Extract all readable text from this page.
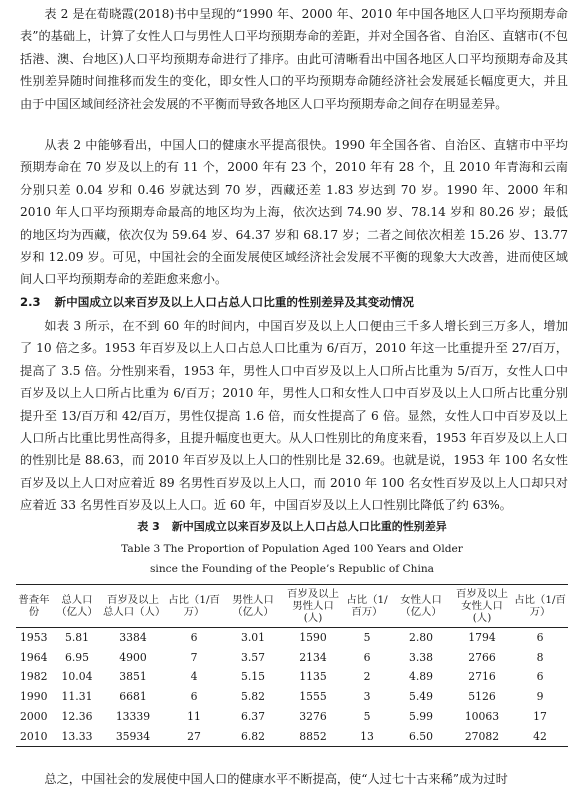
表 2 是在荀晓霞(2018)书中呈现的“1990 年、2000 年、2010 年中国各地区人口平均预期寿命表”的基础上，计算了女性人口与男性人口平均预期寿命的差距，并对全国各省、自治区、直辖市(不包括港、澳、台地区)人口平均预期寿命进行了排序。由此可清晰看出中国各地区人口平均预期寿命及其性别差异随时间推移而发生的变化，即女性人口的平均预期寿命随经济社会发展延长幅度更大，并且由于中国区域间经济社会发展的不平衡而导致各地区人口平均预期寿命之间存在明显差异。

从表 2 中能够看出，中国人口的健康水平提高很快。1990 年全国各省、自治区、直辖市中平均预期寿命在 70 岁及以上的有 11 个，2000 年有 23 个，2010 年有 28 个，且 2010 年青海和云南分别只差 0.04 岁和 0.46 岁就达到 70 岁，西藏还差 1.83 岁达到 70 岁。1990 年、2000 年和 2010 年人口平均预期寿命最高的地区均为上海，依次达到 74.90 岁、78.14 岁和 80.26 岁；最低的地区均为西藏，依次仅为 59.64 岁、64.37 岁和 68.17 岁；二者之间依次相差 15.26 岁、13.77 岁和 12.09 岁。可见，中国社会的全面发展使区域经济社会发展不平衡的现象大大改善，进而使区域间人口平均预期寿命的差距愈来愈小。

2.3 新中国成立以来百岁及以上人口占总人口比重的性别差异及其变动情况

如表 3 所示，在不到 60 年的时间内，中国百岁及以上人口便由三千多人增长到三万多人，增加了 10 倍之多。1953 年百岁及以上人口占总人口比重为 6/百万，2010 年这一比重提升至 27/百万，提高了 3.5 倍。分性别来看，1953 年，男性人口中百岁及以上人口所占比重为 5/百万，女性人口中百岁及以上人口所占比重为 6/百万；2010 年，男性人口和女性人口中百岁及以上人口所占比重分别提升至 13/百万和 42/百万，男性仅提高 1.6 倍，而女性提高了 6 倍。显然，女性人口中百岁及以上人口所占比重比男性高得多，且提升幅度也更大。从人口性别比的角度来看，1953 年百岁及以上人口的性别比是 88.63，而 2010 年百岁及以上人口的性别比是 32.69。也就是说，1953 年 100 名女性百岁及以上人口对应着近 89 名男性百岁及以上人口，而 2010 年 100 名女性百岁及以上人口却只对应着近 33 名男性百岁及以上人口。近 60 年，中国百岁及以上人口性别比降低了约 63%。

表 3 新中国成立以来百岁及以上人口占总人口比重的性别差异

Table 3 The Proportion of Population Aged 100 Years and Older

since the Founding of the People’s Republic of China

普查年份	总人口（亿人）	百岁及以上总人口（人）	占比（1/百万）	男性人口（亿人）	百岁及以上男性人口(人)	占比（1/百万）	女性人口（亿人）	百岁及以上女性人口(人)	占比（1/百万）
1953	5.81	3384	6	3.01	1590	5	2.80	1794	6
1964	6.95	4900	7	3.57	2134	6	3.38	2766	8
1982	10.04	3851	4	5.15	1135	2	4.89	2716	6
1990	11.31	6681	6	5.82	1555	3	5.49	5126	9
2000	12.36	13339	11	6.37	3276	5	5.99	10063	17
2010	13.33	35934	27	6.82	8852	13	6.50	27082	42

总之，中国社会的发展使中国人口的健康水平不断提高，使“人过七十古来稀”成为过时
